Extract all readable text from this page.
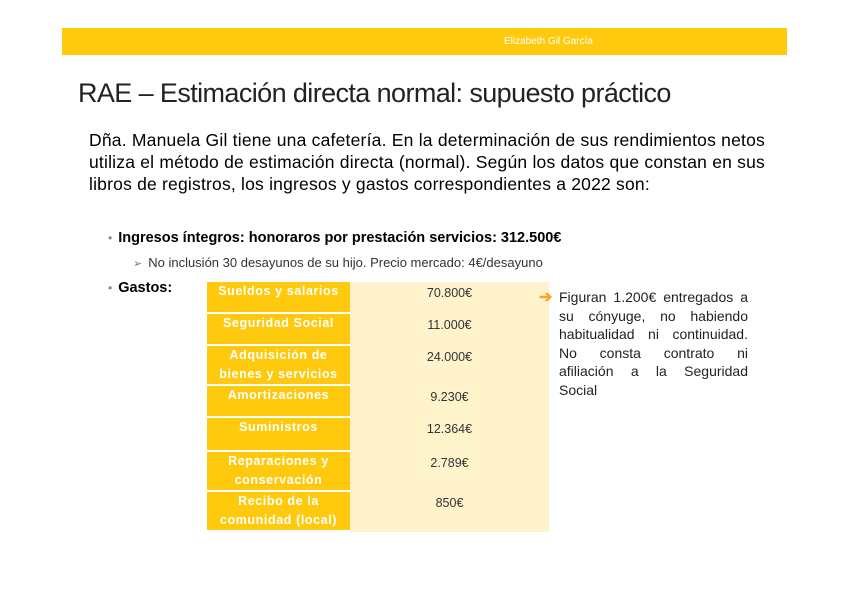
Elizabeth Gil García
RAE – Estimación directa normal: supuesto práctico
Dña. Manuela Gil tiene una cafetería. En la determinación de sus rendimientos netos utiliza el método de estimación directa (normal). Según los datos que constan en sus libros de registros, los ingresos y gastos correspondientes a 2022 son:
• Ingresos íntegros: honoraros por prestación servicios: 312.500€
➢ No inclusión 30 desayunos de su hijo. Precio mercado: 4€/desayuno
• Gastos:	Sueldos y salarios	70.800€
Seguridad Social	11.000€
Adquisición de bienes y servicios	24.000€
Amortizaciones	9.230€
Suministros	12.364€
Reparaciones y conservación	2.789€
Recibo de la comunidad (local)	850€
➔ Figuran 1.200€ entregados a su cónyuge, no habiendo habitualidad ni continuidad. No consta contrato ni afiliación a la Seguridad Social
